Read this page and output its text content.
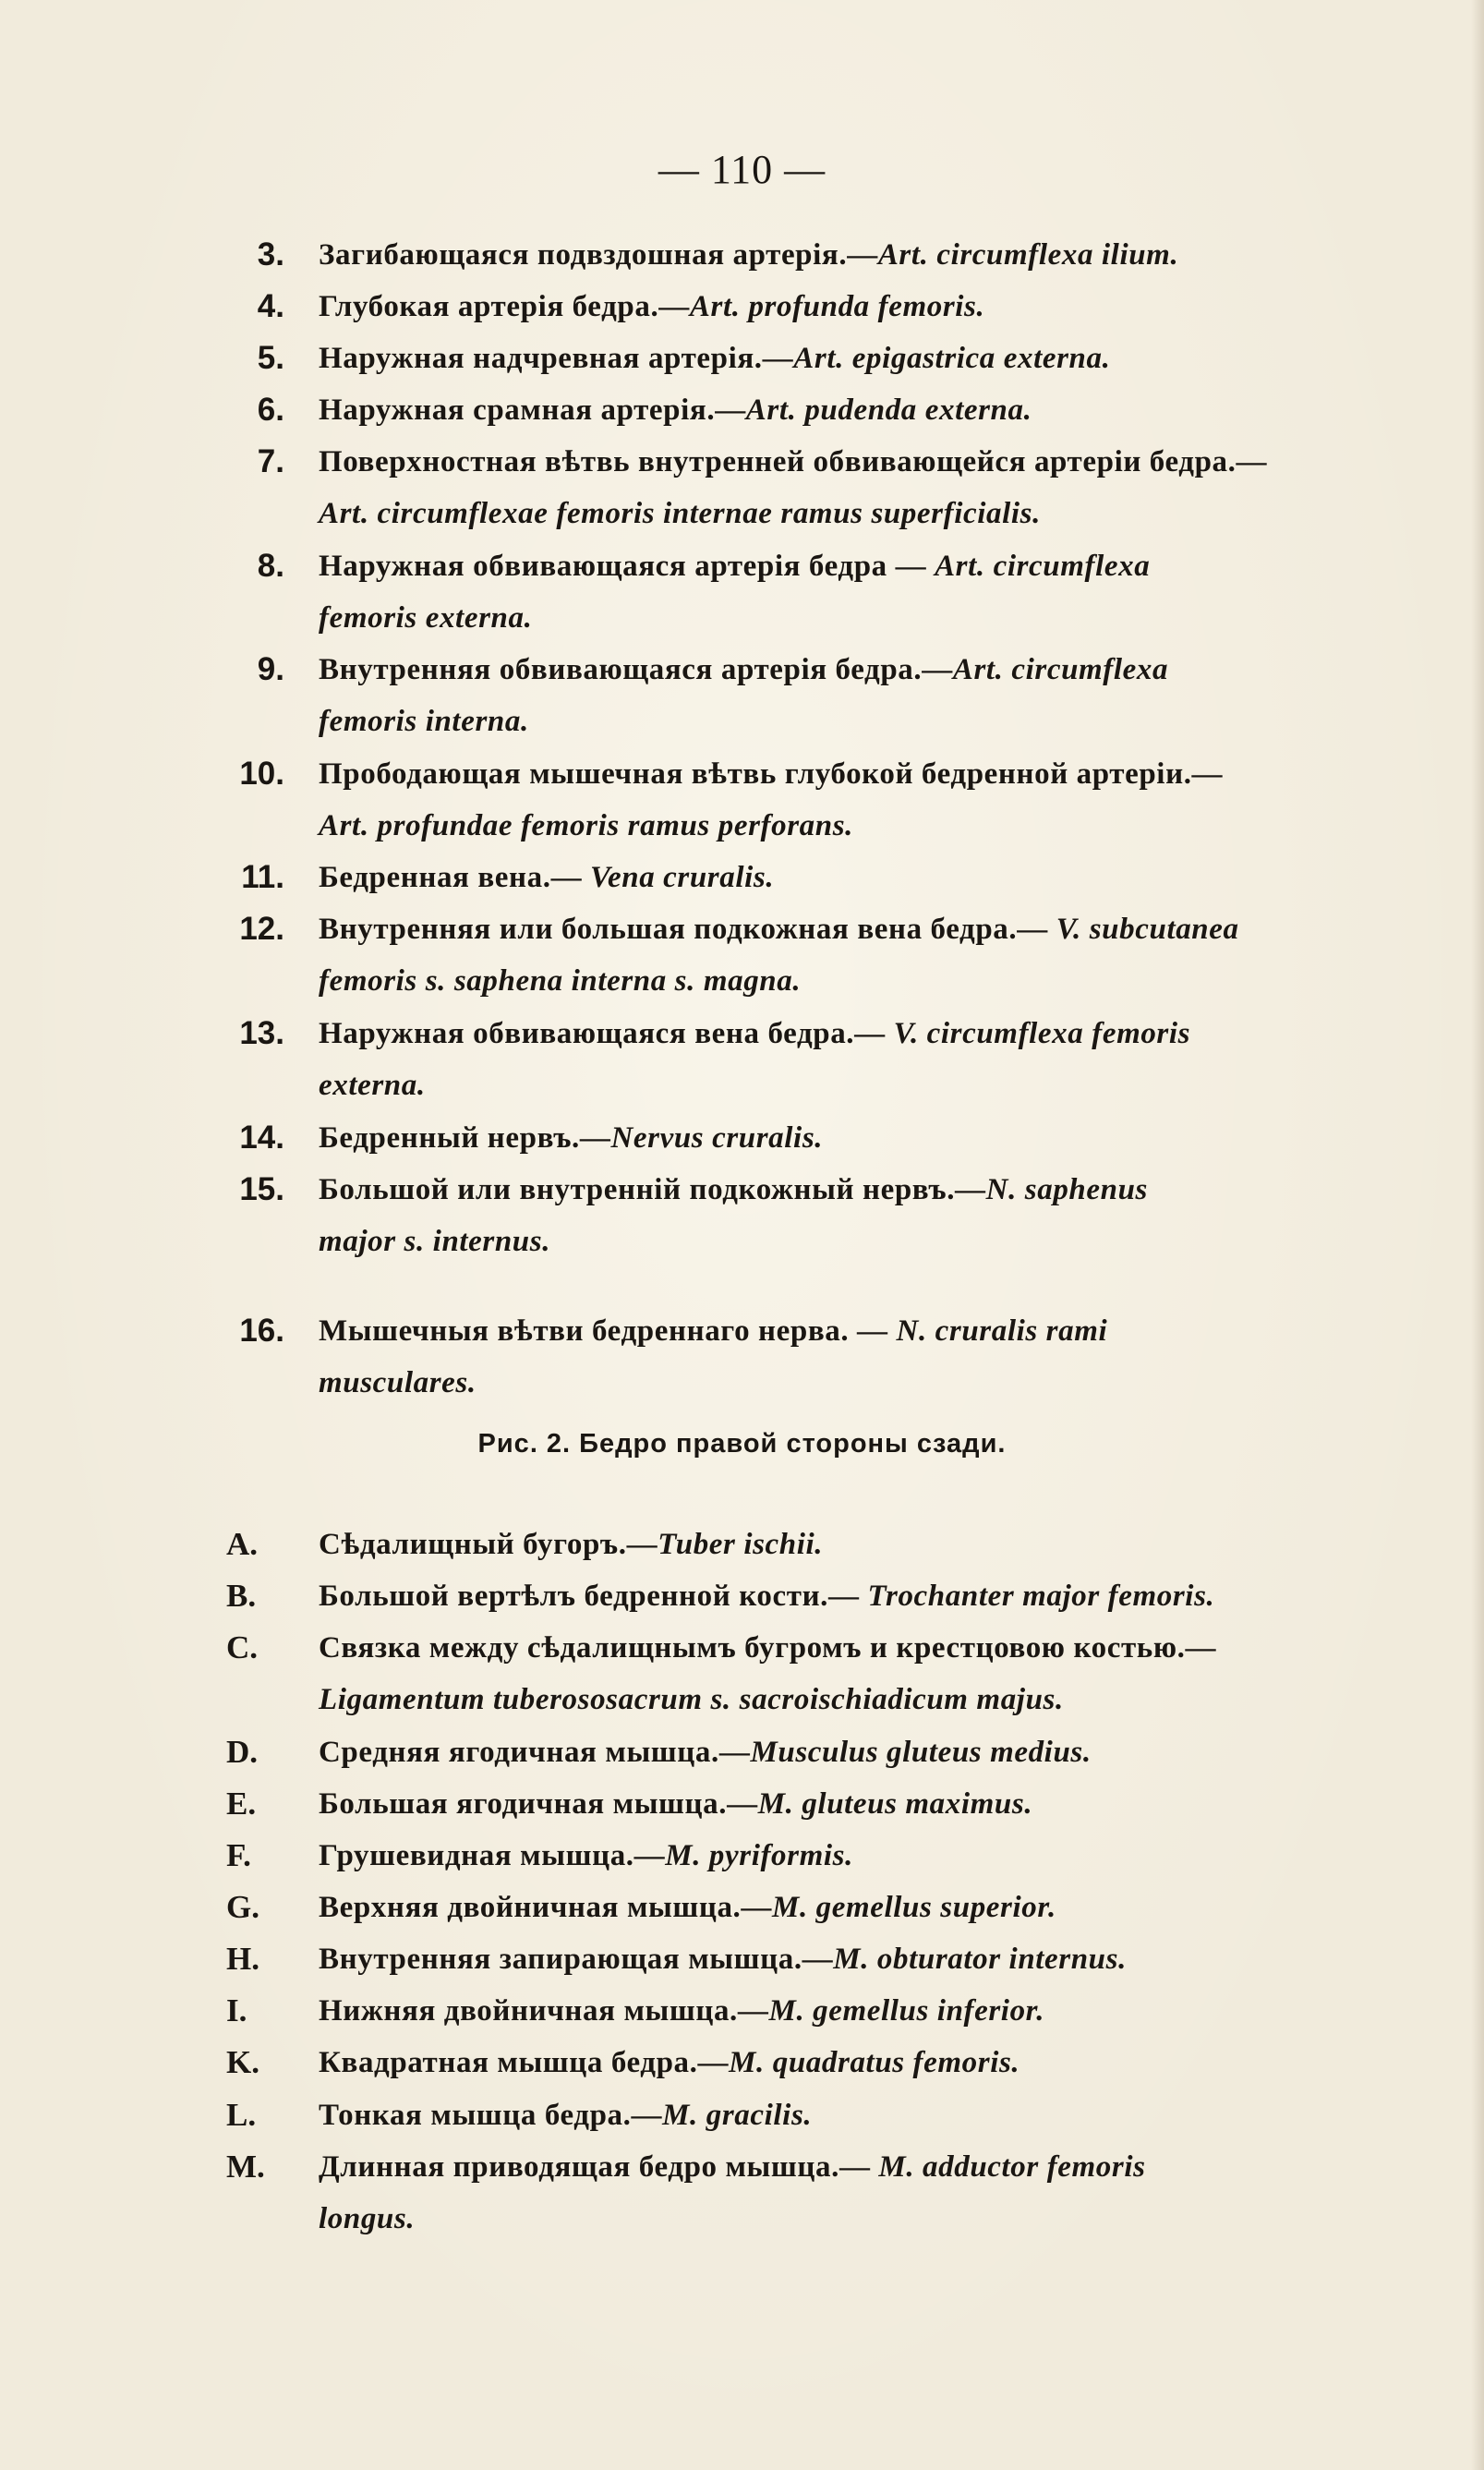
— 110 —
3. Загибающаяся подвздошная артерія.—Art. circumflexa ilium.
4. Глубокая артерія бедра.—Art. profunda femoris.
5. Наружная надчревная артерія.—Art. epigastrica externa.
6. Наружная срамная артерія.—Art. pudenda externa.
7. Поверхностная вѣтвь внутренней обвивающейся артеріи бедра.—
Art. circumflexae femoris internae ramus superficialis.
8. Наружная обвивающаяся артерія бедра — Art. circumflexa
femoris externa.
9. Внутренняя обвивающаяся артерія бедра.—Art. circumflexa
femoris interna.
10. Прободающая мышечная вѣтвь глубокой бедренной артеріи.—
Art. profundae femoris ramus perforans.
11. Бедренная вена.— Vena cruralis.
12. Внутренняя или большая подкожная вена бедра.— V. subcutanea
femoris s. saphena interna s. magna.
13. Наружная обвивающаяся вена бедра.— V. circumflexa femoris
externa.
14. Бедренный нервъ.—Nervus cruralis.
15. Большой или внутренній подкожный нервъ.—N. saphenus
major s. internus.
16. Мышечныя вѣтви бедреннаго нерва. — N. cruralis rami
musculares.
Рис. 2. Бедро правой стороны сзади.
A. Сѣдалищный бугоръ.—Tuber ischii.
B. Большой вертѣлъ бедренной кости.— Trochanter major femoris.
C. Связка между сѣдалищнымъ бугромъ и крестцовою костью.—
Ligamentum tuberososacrum s. sacroischiadicum majus.
D. Средняя ягодичная мышца.—Musculus gluteus medius.
E. Большая ягодичная мышца.—M. gluteus maximus.
F. Грушевидная мышца.—M. pyriformis.
G. Верхняя двойничная мышца.—M. gemellus superior.
H. Внутренняя запирающая мышца.—M. obturator internus.
I. Нижняя двойничная мышца.—M. gemellus inferior.
K. Квадратная мышца бедра.—M. quadratus femoris.
L. Тонкая мышца бедра.—M. gracilis.
M. Длинная приводящая бедро мышца.— M. adductor femoris
longus.
